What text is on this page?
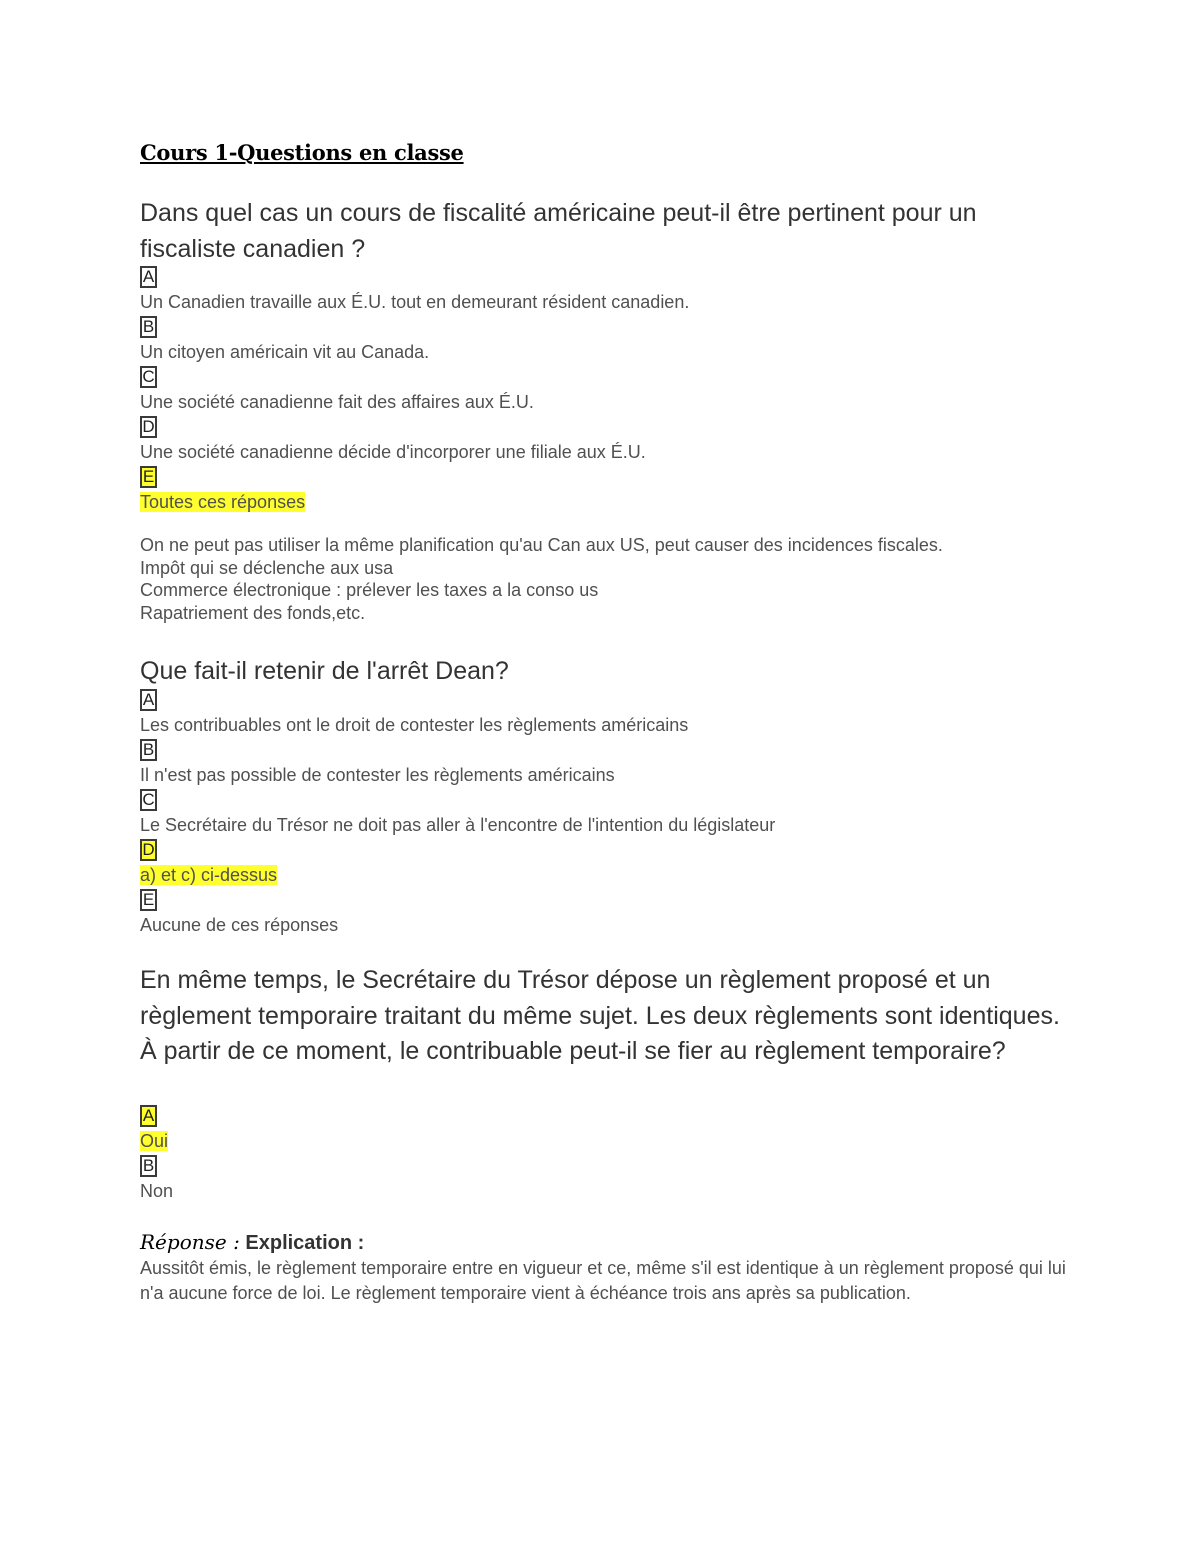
Cours 1-Questions en classe
Dans quel cas un cours de fiscalité américaine peut-il être pertinent pour un fiscaliste canadien ?
A
Un Canadien travaille aux É.U. tout en demeurant résident canadien.
B
Un citoyen américain vit au Canada.
C
Une société canadienne fait des affaires aux É.U.
D
Une société canadienne décide d'incorporer une filiale aux É.U.
E
Toutes ces réponses
On ne peut pas utiliser la même planification qu'au Can aux US, peut causer des incidences fiscales.
Impôt qui se déclenche aux usa
Commerce électronique : prélever les taxes a la conso us
Rapatriement des fonds,etc.
Que fait-il retenir de l'arrêt Dean?
A
Les contribuables ont le droit de contester les règlements américains
B
Il n'est pas possible de contester les règlements américains
C
Le Secrétaire du Trésor ne doit pas aller à l'encontre de l'intention du législateur
D
a) et c) ci-dessus
E
Aucune de ces réponses
En même temps, le Secrétaire du Trésor dépose un règlement proposé et un règlement temporaire traitant du même sujet. Les deux règlements sont identiques. À partir de ce moment, le contribuable peut-il se fier au règlement temporaire?
A
Oui
B
Non
Réponse : Explication :
Aussitôt émis, le règlement temporaire entre en vigueur et ce, même s'il est identique à un règlement proposé qui lui n'a aucune force de loi. Le règlement temporaire vient à échéance trois ans après sa publication.
